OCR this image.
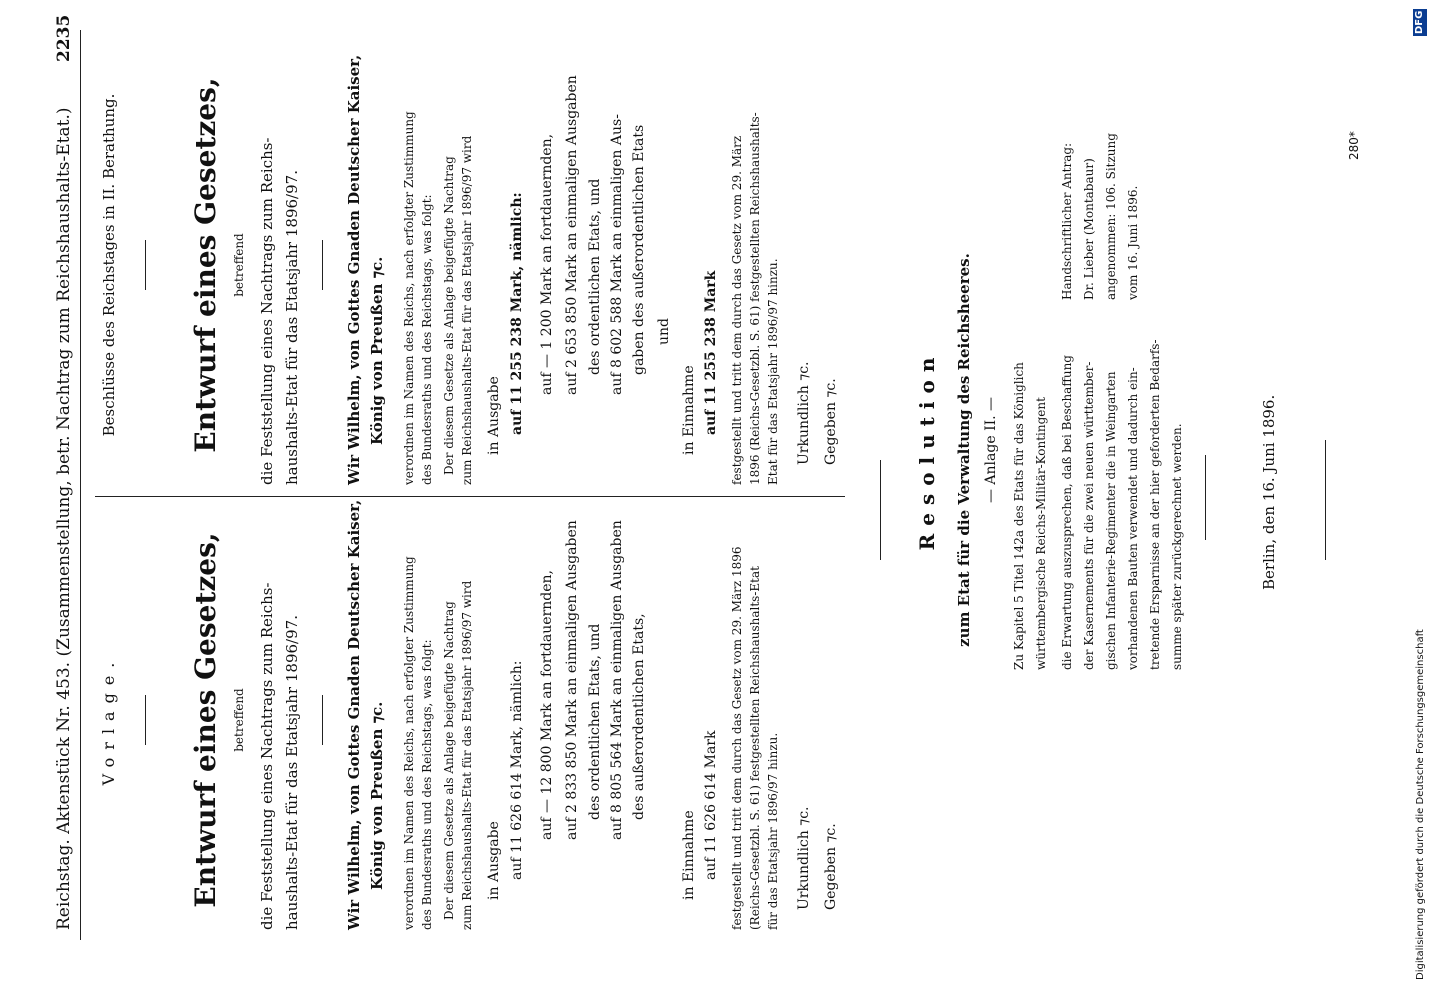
Reichstag. Aktenstück Nr. 453. (Zusammenstellung, betr. Nachtrag zum Reichshaushalts-Etat.)
2235
Vorlage.	Entwurf eines Gesetzes, betreffend die Feststellung eines Nachtrags zum Reichs- haushalts-Etat für das Etatsjahr 1896/97.	Wir Wilhelm, von Gottes Gnaden Deutscher Kaiser, König von Preußen ⁊c. verordnen im Namen des Reichs, nach erfolgter Zustimmung des Bundesraths und des Reichstags, was folgt: Der diesem Gesetze als Anlage beigefügte Nachtrag zum Reichshaushalts-Etat für das Etatsjahr 1896/97 wird in Ausgabe auf 11 626 614 Mark, nämlich: auf — 12 800 Mark an fortdauernden, auf 2 833 850 Mark an einmaligen Ausgaben des ordentlichen Etats, und auf 8 805 564 Mark an einmaligen Ausgaben des außerordentlichen Etats,
in Einnahme auf 11 626 614 Mark festgestellt und tritt dem durch das Gesetz vom 29. März 1896 (Reichs-Gesetzbl. S. 61) festgestellten Reichshaushalts-Etat für das Etatsjahr 1896/97 hinzu. Urkundlich ⁊c. Gegeben ⁊c.
Beschlüsse des Reichstages in II. Berathung.	Entwurf eines Gesetzes, betreffend die Feststellung eines Nachtrags zum Reichs- haushalts-Etat für das Etatsjahr 1896/97.	Wir Wilhelm, von Gottes Gnaden Deutscher Kaiser, König von Preußen ⁊c. verordnen im Namen des Reichs, nach erfolgter Zustimmung des Bundesraths und des Reichstags, was folgt: Der diesem Gesetze als Anlage beigefügte Nachtrag zum Reichshaushalts-Etat für das Etatsjahr 1896/97 wird in Ausgabe auf 11 255 238 Mark, nämlich: auf — 1 200 Mark an fortdauernden, auf 2 653 850 Mark an einmaligen Ausgaben des ordentlichen Etats, und auf 8 602 588 Mark an einmaligen Aus- gaben des außerordentlichen Etats und
in Einnahme auf 11 255 238 Mark festgestellt und tritt dem durch das Gesetz vom 29. März 1896 (Reichs-Gesetzbl. S. 61) festgestellten Reichshaushalts- Etat für das Etatsjahr 1896/97 hinzu. Urkundlich ⁊c. Gegeben ⁊c.	Resolution zum Etat für die Verwaltung des Reichsheeres. — Anlage II. — Zu Kapitel 5 Titel 142a des Etats für das Königlich württembergische Reichs-Militär-Kontingent die Erwartung auszusprechen, daß bei Beschaffung der Kasernements für die zwei neuen württember- gischen Infanterie-Regimenter die in Weingarten vorhandenen Bauten verwendet und dadurch ein- tretende Ersparnisse an der hier geforderten Bedarfs- summe später zurückgerechnet werden.
Handschriftlicher Antrag: Dr. Lieber (Montabaur) angenommen: 106. Sitzung vom 16. Juni 1896.
Berlin, den 16. Juni 1896.
280*
Digitalisierung gefördert durch die Deutsche Forschungsgemeinschaft
DFG
